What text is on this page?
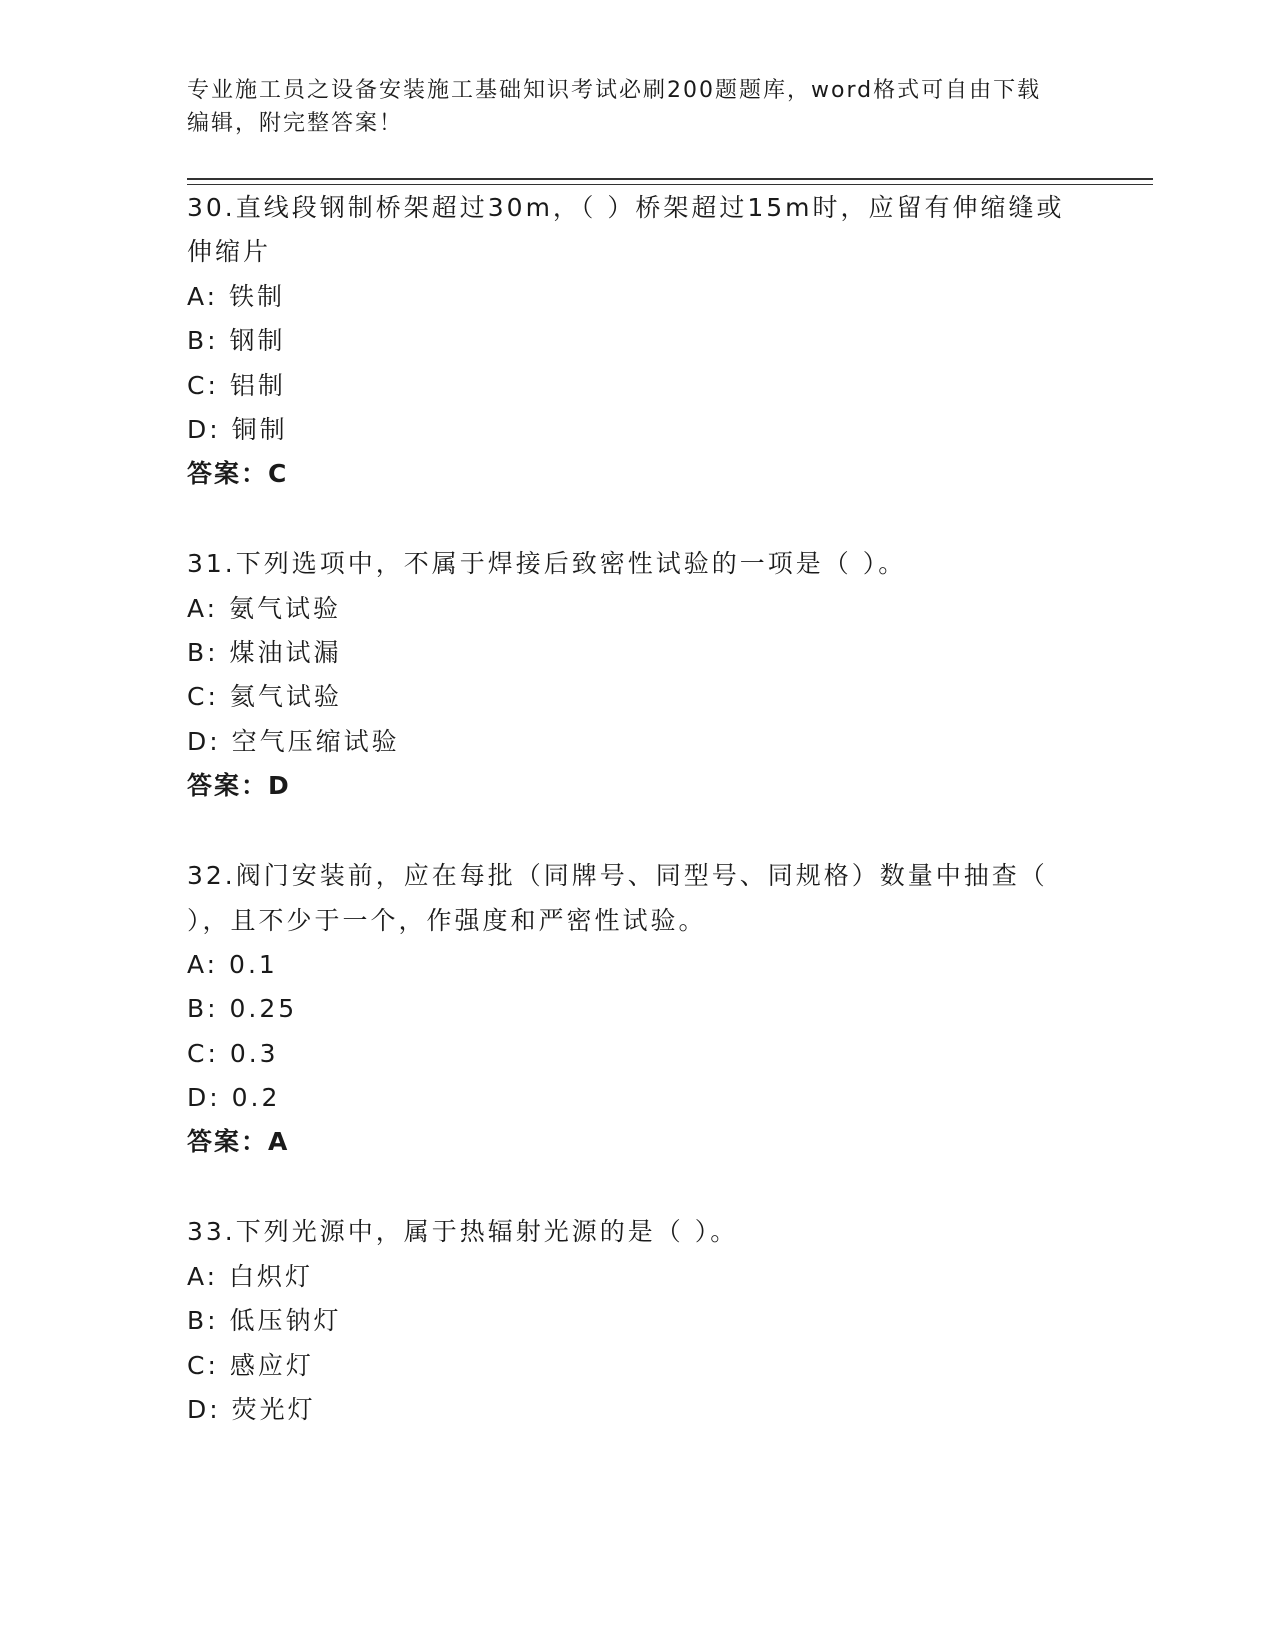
专业施工员之设备安装施工基础知识考试必刷200题题库，word格式可自由下载
编辑，附完整答案！
30.直线段钢制桥架超过30m，（ ）桥架超过15m时，应留有伸缩缝或
伸缩片
A: 铁制
B: 钢制
C: 铝制
D: 铜制
答案：C
31.下列选项中，不属于焊接后致密性试验的一项是（ ）。
A: 氨气试验
B: 煤油试漏
C: 氦气试验
D: 空气压缩试验
答案：D
32.阀门安装前，应在每批（同牌号、同型号、同规格）数量中抽查（
），且不少于一个，作强度和严密性试验。
A: 0.1
B: 0.25
C: 0.3
D: 0.2
答案：A
33.下列光源中，属于热辐射光源的是（ ）。
A: 白炽灯
B: 低压钠灯
C: 感应灯
D: 荧光灯
